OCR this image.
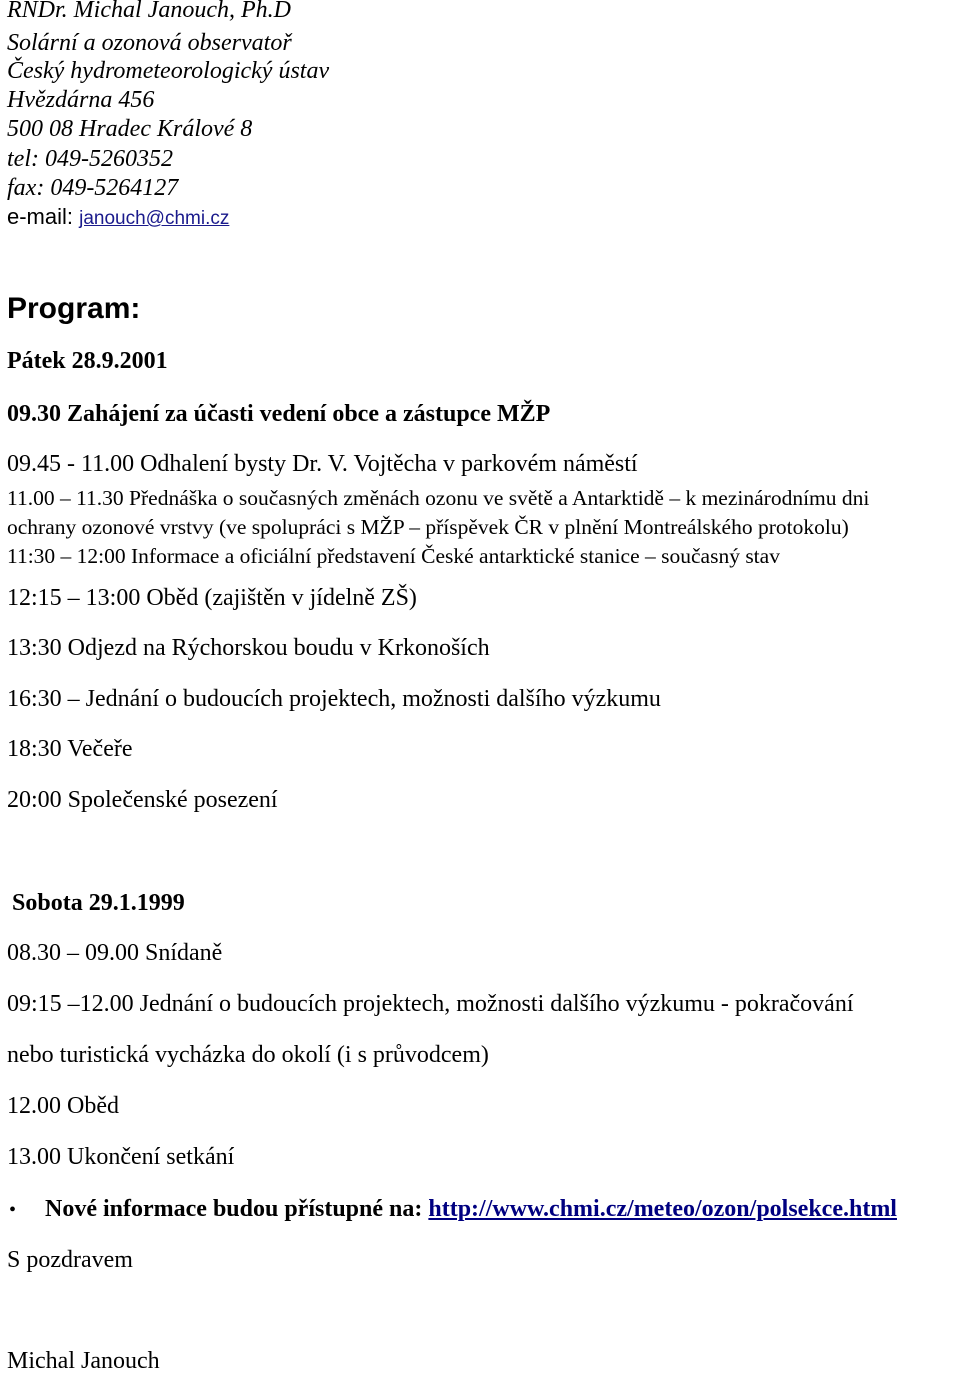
RNDr. Michal Janouch, Ph.D
Solární a ozonová observatoř
Český hydrometeorologický ústav
Hvězdárna 456
500 08 Hradec Králové 8
tel: 049-5260352
fax: 049-5264127
e-mail: janouch@chmi.cz
Program:
Pátek 28.9.2001
09.30 Zahájení za účasti vedení obce a zástupce MŽP
09.45 - 11.00 Odhalení bysty Dr. V. Vojtěcha v parkovém náměstí
11.00 – 11.30 Přednáška o současných změnách ozonu ve světě a Antarktidě – k mezinárodnímu dni
ochrany ozonové vrstvy (ve spolupráci s MŽP – příspěvek ČR v plnění Montreálského protokolu)
11:30 – 12:00 Informace a oficiální představení České antarktické stanice – současný stav
12:15 – 13:00 Oběd (zajištěn v jídelně ZŠ)
13:30 Odjezd na Rýchorskou boudu v Krkonoších
16:30 – Jednání o budoucích projektech, možnosti dalšího výzkumu
18:30 Večeře
20:00 Společenské posezení
Sobota 29.1.1999
08.30 – 09.00 Snídaně
09:15 –12.00 Jednání o budoucích projektech, možnosti dalšího výzkumu - pokračování
nebo turistická vycházka do okolí (i s průvodcem)
12.00 Oběd
13.00 Ukončení setkání
• Nové informace budou přístupné na: http://www.chmi.cz/meteo/ozon/polsekce.html
S pozdravem
Michal Janouch
